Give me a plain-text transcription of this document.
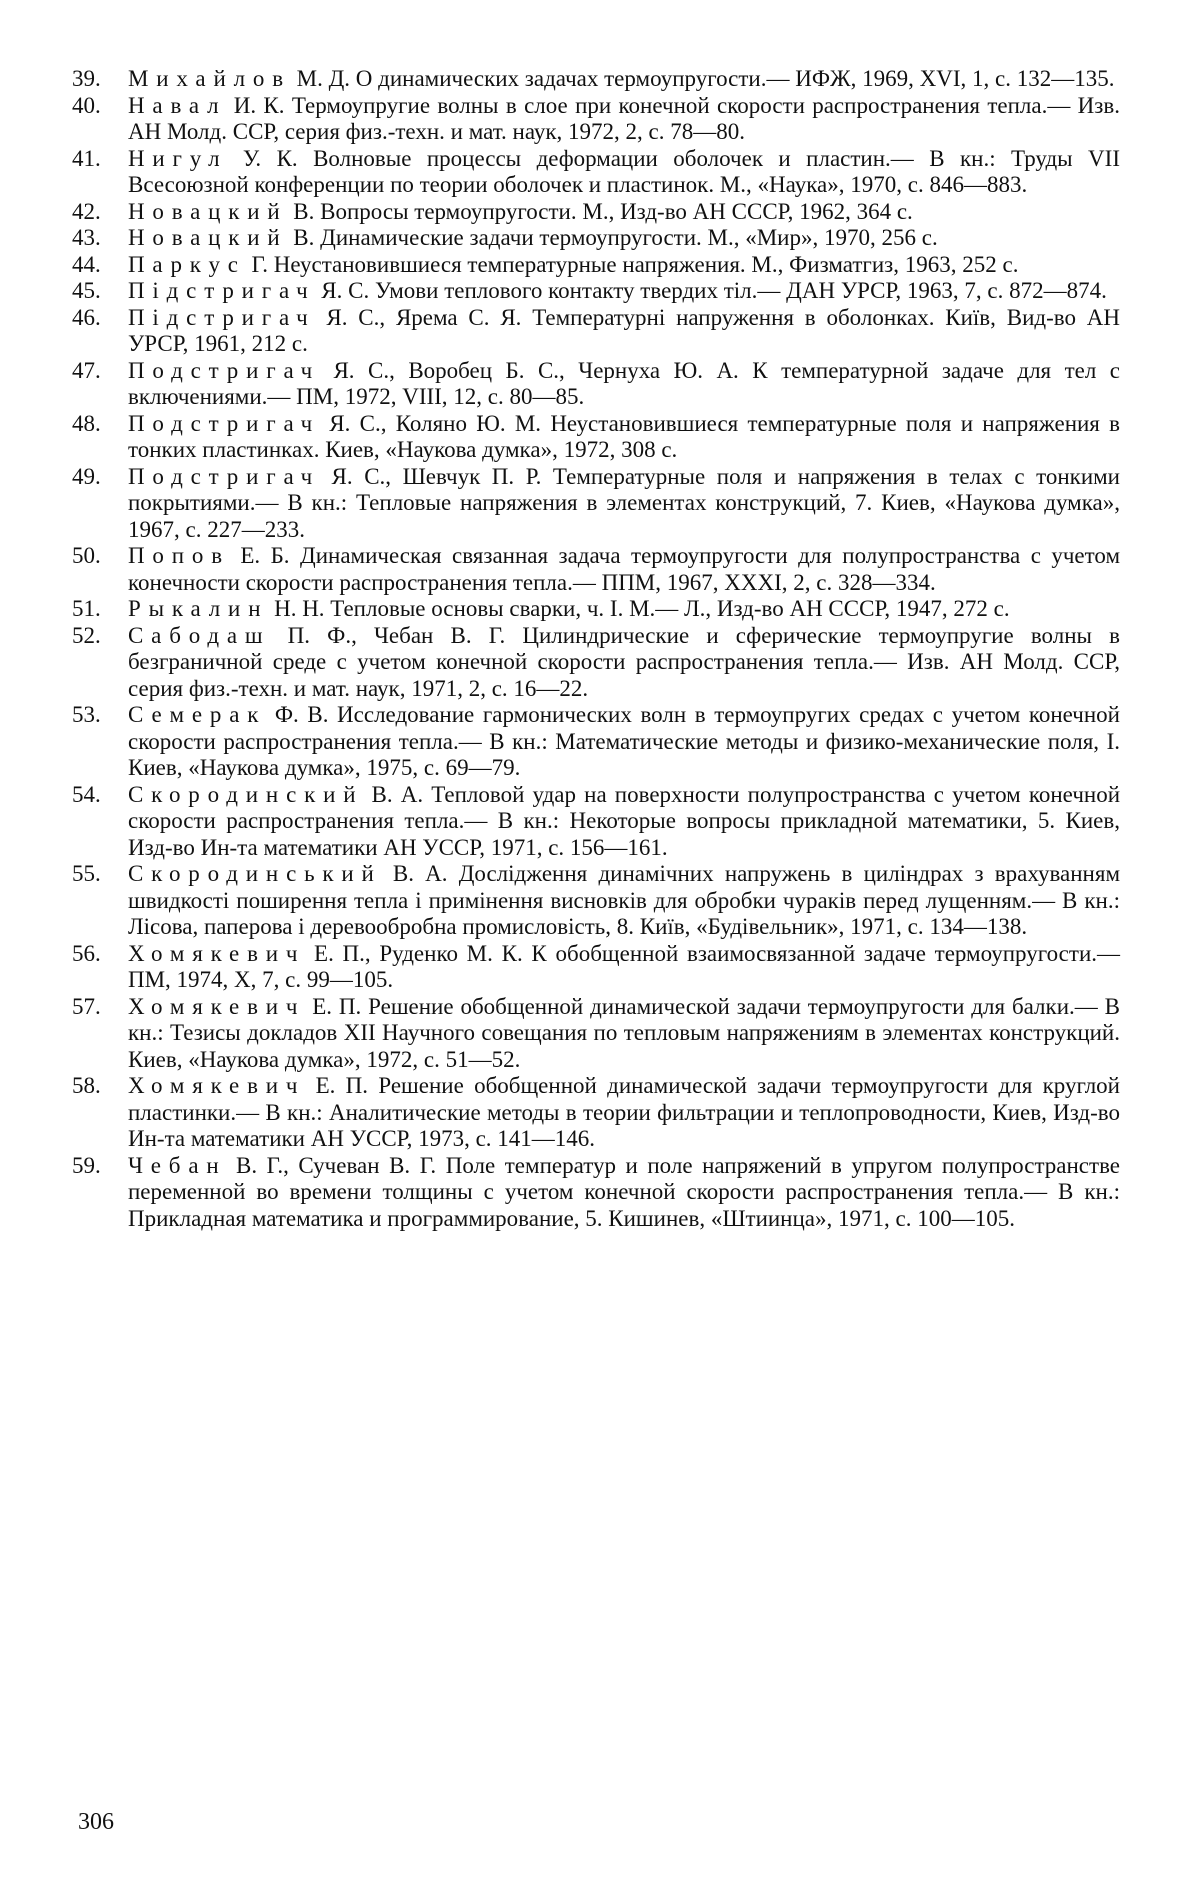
39.	Михайлов М. Д. О динамических задачах термоупругости.— ИФЖ, 1969, XVI, 1, с. 132—135.
40.	Навал И. К. Термоупругие волны в слое при конечной скорости распространения тепла.— Изв. АН Молд. ССР, серия физ.-техн. и мат. наук, 1972, 2, с. 78—80.
41.	Нигул У. К. Волновые процессы деформации оболочек и пластин.— В кн.: Труды VII Всесоюзной конференции по теории оболочек и пластинок. М., «Наука», 1970, с. 846—883.
42.	Новацкий В. Вопросы термоупругости. М., Изд-во АН СССР, 1962, 364 с.
43.	Новацкий В. Динамические задачи термоупругости. М., «Мир», 1970, 256 с.
44.	Паркус Г. Неустановившиеся температурные напряжения. М., Физматгиз, 1963, 252 с.
45.	Підстригач Я. С. Умови теплового контакту твердих тіл.— ДАН УРСР, 1963, 7, с. 872—874.
46.	Підстригач Я. С., Ярема С. Я. Температурні напруження в оболонках. Київ, Вид-во АН УРСР, 1961, 212 с.
47.	Подстригач Я. С., Воробец Б. С., Чернуха Ю. А. К температурной задаче для тел с включениями.— ПМ, 1972, VIII, 12, с. 80—85.
48.	Подстригач Я. С., Коляно Ю. М. Неустановившиеся температурные поля и напряжения в тонких пластинках. Киев, «Наукова думка», 1972, 308 с.
49.	Подстригач Я. С., Шевчук П. Р. Температурные поля и напряжения в телах с тонкими покрытиями.— В кн.: Тепловые напряжения в элементах конструкций, 7. Киев, «Наукова думка», 1967, с. 227—233.
50.	Попов Е. Б. Динамическая связанная задача термоупругости для полупространства с учетом конечности скорости распространения тепла.— ППМ, 1967, XXXI, 2, с. 328—334.
51.	Рыкалин Н. Н. Тепловые основы сварки, ч. I. М.— Л., Изд-во АН СССР, 1947, 272 с.
52.	Сабодаш П. Ф., Чебан В. Г. Цилиндрические и сферические термоупругие волны в безграничной среде с учетом конечной скорости распространения тепла.— Изв. АН Молд. ССР, серия физ.-техн. и мат. наук, 1971, 2, с. 16—22.
53.	Семерак Ф. В. Исследование гармонических волн в термоупругих средах с учетом конечной скорости распространения тепла.— В кн.: Математические методы и физико-механические поля, I. Киев, «Наукова думка», 1975, с. 69—79.
54.	Скородинский В. А. Тепловой удар на поверхности полупространства с учетом конечной скорости распространения тепла.— В кн.: Некоторые вопросы прикладной математики, 5. Киев, Изд-во Ин-та математики АН УССР, 1971, с. 156—161.
55.	Скородинський В. А. Дослідження динамічних напружень в циліндрах з врахуванням швидкості поширення тепла і примінення висновків для обробки чураків перед лущенням.— В кн.: Лісова, паперова і деревообробна промисловість, 8. Київ, «Будівельник», 1971, с. 134—138.
56.	Хомякевич Е. П., Руденко М. К. К обобщенной взаимосвязанной задаче термоупругости.— ПМ, 1974, X, 7, с. 99—105.
57.	Хомякевич Е. П. Решение обобщенной динамической задачи термоупругости для балки.— В кн.: Тезисы докладов XII Научного совещания по тепловым напряжениям в элементах конструкций. Киев, «Наукова думка», 1972, с. 51—52.
58.	Хомякевич Е. П. Решение обобщенной динамической задачи термоупругости для круглой пластинки.— В кн.: Аналитические методы в теории фильтрации и теплопроводности, Киев, Изд-во Ин-та математики АН УССР, 1973, с. 141—146.
59.	Чебан В. Г., Сучеван В. Г. Поле температур и поле напряжений в упругом полупространстве переменной во времени толщины с учетом конечной скорости распространения тепла.— В кн.: Прикладная математика и программирование, 5. Кишинев, «Штиинца», 1971, с. 100—105.
306
